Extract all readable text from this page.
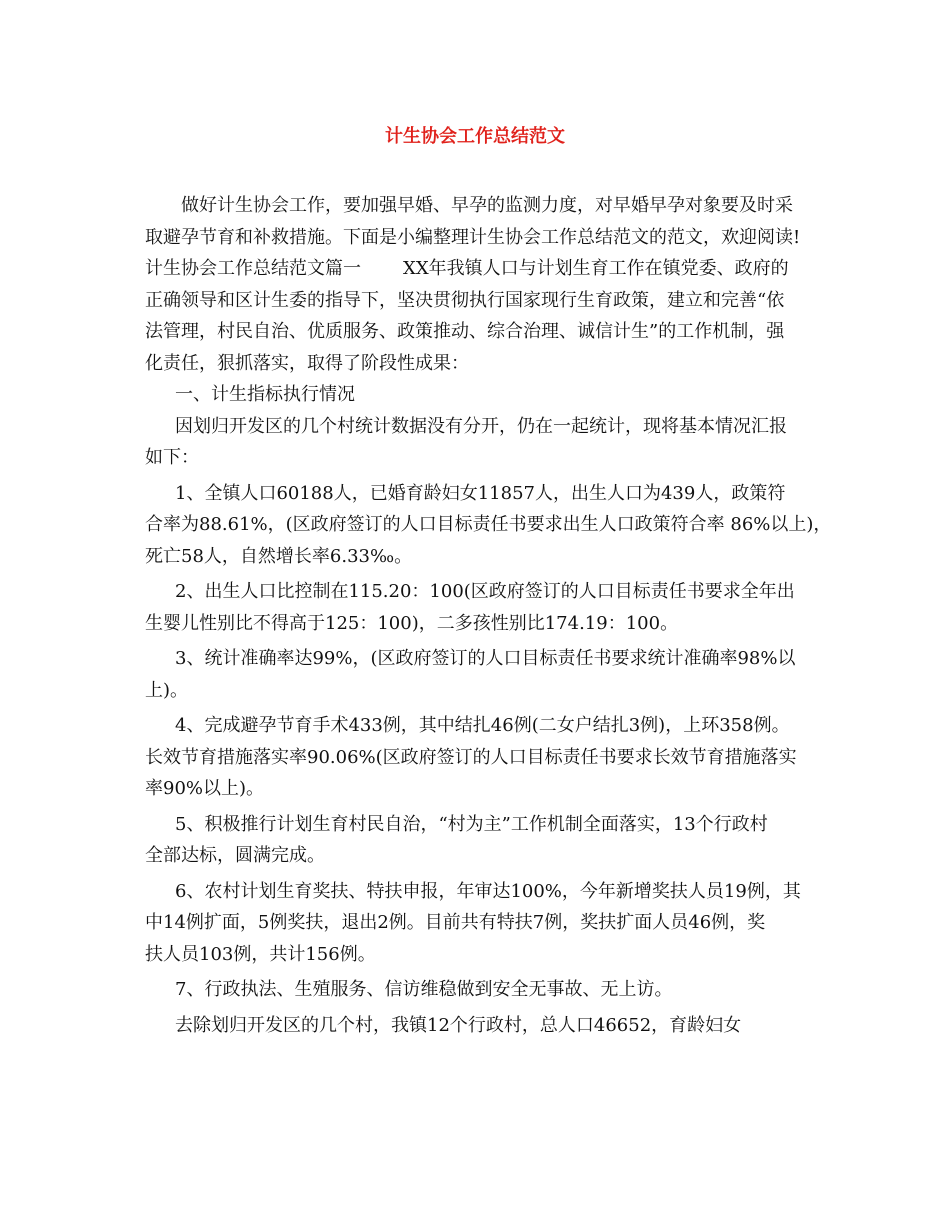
计生协会工作总结范文

做好计生协会工作，要加强早婚、早孕的监测力度，对早婚早孕对象要及时采

取避孕节育和补救措施。下面是小编整理计生协会工作总结范文的范文，欢迎阅读!

计生协会工作总结范文篇一 XX年我镇人口与计划生育工作在镇党委、政府的

正确领导和区计生委的指导下，坚决贯彻执行国家现行生育政策，建立和完善“依

法管理，村民自治、优质服务、政策推动、综合治理、诚信计生”的工作机制，强

化责任，狠抓落实，取得了阶段性成果：

一、计生指标执行情况

因划归开发区的几个村统计数据没有分开，仍在一起统计，现将基本情况汇报

如下：

1、全镇人口60188人，已婚育龄妇女11857人，出生人口为439人，政策符

合率为88.61%，(区政府签订的人口目标责任书要求出生人口政策符合率 86%以上)，

死亡58人，自然增长率6.33‰。

2、出生人口比控制在115.20：100(区政府签订的人口目标责任书要求全年出

生婴儿性别比不得高于125：100)，二多孩性别比174.19：100。

3、统计准确率达99%，(区政府签订的人口目标责任书要求统计准确率98%以

上)。

4、完成避孕节育手术433例，其中结扎46例(二女户结扎3例)，上环358例。

长效节育措施落实率90.06%(区政府签订的人口目标责任书要求长效节育措施落实

率90%以上)。

5、积极推行计划生育村民自治，“村为主”工作机制全面落实，13个行政村

全部达标，圆满完成。

6、农村计划生育奖扶、特扶申报，年审达100%，今年新增奖扶人员19例，其

中14例扩面，5例奖扶，退出2例。目前共有特扶7例，奖扶扩面人员46例，奖

扶人员103例，共计156例。

7、行政执法、生殖服务、信访维稳做到安全无事故、无上访。

去除划归开发区的几个村，我镇12个行政村，总人口46652，育龄妇女
